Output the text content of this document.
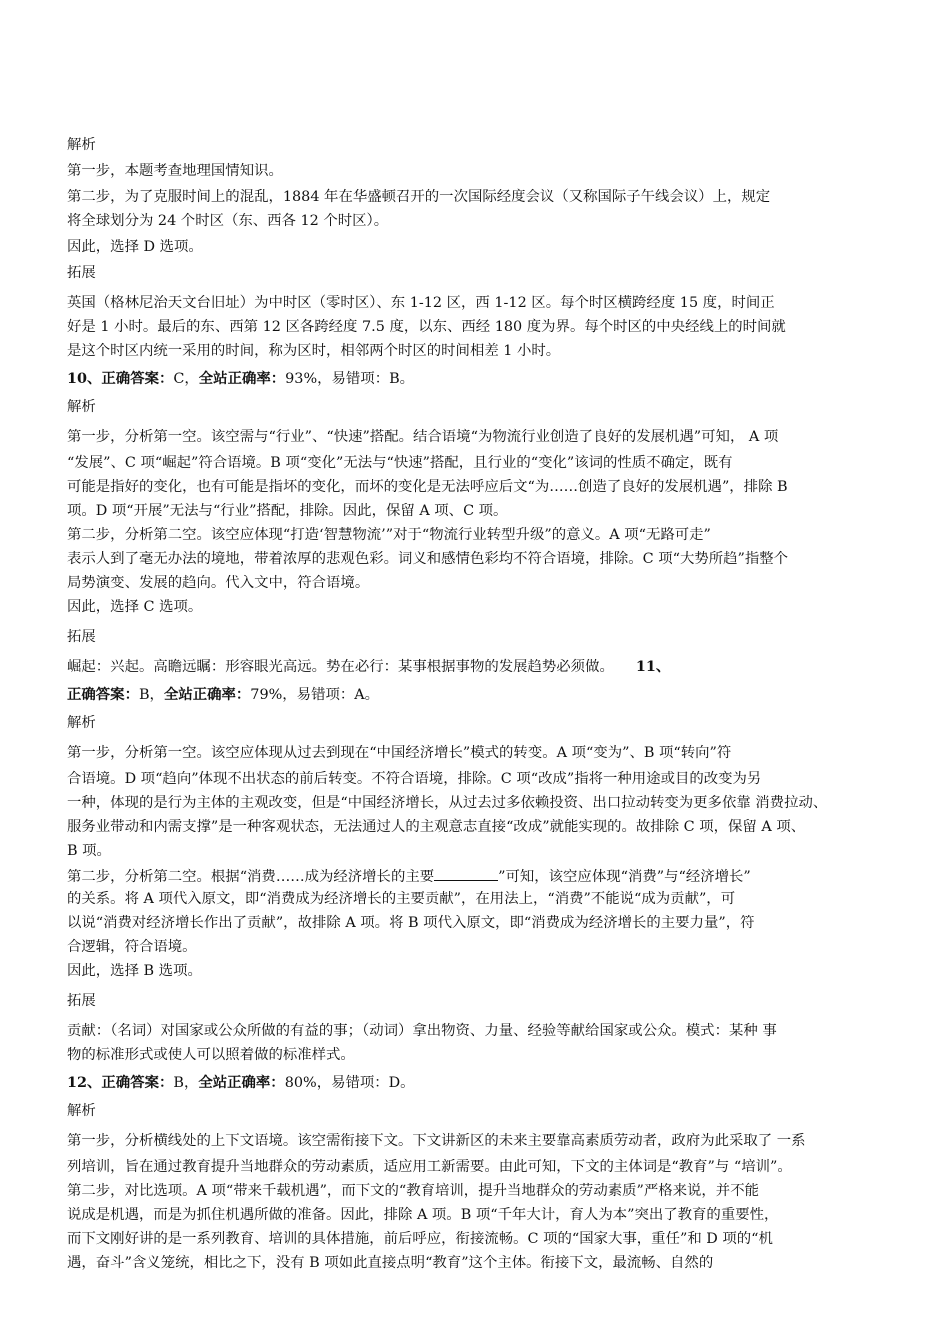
解析
第一步，本题考查地理国情知识。
第二步，为了克服时间上的混乱，1884 年在华盛顿召开的一次国际经度会议（又称国际子午线会议）上，规定
将全球划分为 24 个时区（东、西各 12 个时区）。
因此，选择 D 选项。
拓展
英国（格林尼治天文台旧址）为中时区（零时区）、东 1-12 区，西 1-12 区。每个时区横跨经度 15 度，时间正
好是 1 小时。最后的东、西第 12 区各跨经度 7.5 度，以东、西经 180 度为界。每个时区的中央经线上的时间就
是这个时区内统一采用的时间，称为区时，相邻两个时区的时间相差 1 小时。
10、正确答案：C，全站正确率：93%，易错项：B。
解析
第一步，分析第一空。该空需与“行业”、“快速”搭配。结合语境“为物流行业创造了良好的发展机遇”可知， A 项
“发展”、C 项“崛起”符合语境。B 项“变化”无法与“快速”搭配，且行业的“变化”该词的性质不确定，既有
可能是指好的变化，也有可能是指坏的变化，而坏的变化是无法呼应后文“为……创造了良好的发展机遇”，排除 B
项。D 项“开展”无法与“行业”搭配，排除。因此，保留 A 项、C 项。
第二步，分析第二空。该空应体现“打造‘智慧物流’”对于“物流行业转型升级”的意义。A 项“无路可走”
表示人到了毫无办法的境地，带着浓厚的悲观色彩。词义和感情色彩均不符合语境，排除。C 项“大势所趋”指整个
局势演变、发展的趋向。代入文中，符合语境。
因此，选择 C 选项。
拓展
崛起：兴起。高瞻远瞩：形容眼光高远。势在必行：某事根据事物的发展趋势必须做。 11、
正确答案：B，全站正确率：79%，易错项：A。
解析
第一步，分析第一空。该空应体现从过去到现在“中国经济增长”模式的转变。A 项“变为”、B 项“转向”符
合语境。D 项“趋向”体现不出状态的前后转变。不符合语境，排除。C 项“改成”指将一种用途或目的改变为另
一种，体现的是行为主体的主观改变，但是“中国经济增长，从过去过多依赖投资、出口拉动转变为更多依靠 消费拉动、
服务业带动和内需支撑”是一种客观状态，无法通过人的主观意志直接“改成”就能实现的。故排除 C 项，保留 A 项、
B 项。
第二步，分析第二空。根据“消费……成为经济增长的主要	”可知，该空应体现“消费”与“经济增长”
的关系。将 A 项代入原文，即“消费成为经济增长的主要贡献”，在用法上，“消费”不能说“成为贡献”，可
以说“消费对经济增长作出了贡献”，故排除 A 项。将 B 项代入原文，即“消费成为经济增长的主要力量”，符
合逻辑，符合语境。
因此，选择 B 选项。
拓展
贡献：（名词）对国家或公众所做的有益的事；（动词）拿出物资、力量、经验等献给国家或公众。模式：某种 事
物的标准形式或使人可以照着做的标准样式。
12、正确答案：B，全站正确率：80%，易错项：D。
解析
第一步，分析横线处的上下文语境。该空需衔接下文。下文讲新区的未来主要靠高素质劳动者，政府为此采取了 一系
列培训，旨在通过教育提升当地群众的劳动素质，适应用工新需要。由此可知，下文的主体词是“教育”与 “培训”。
第二步，对比选项。A 项“带来千载机遇”，而下文的“教育培训，提升当地群众的劳动素质”严格来说，并不能
说成是机遇，而是为抓住机遇所做的准备。因此，排除 A 项。B 项“千年大计，育人为本”突出了教育的重要性，
而下文刚好讲的是一系列教育、培训的具体措施，前后呼应，衔接流畅。C 项的“国家大事，重任”和 D 项的“机
遇，奋斗”含义笼统，相比之下，没有 B 项如此直接点明“教育”这个主体。衔接下文，最流畅、自然的
